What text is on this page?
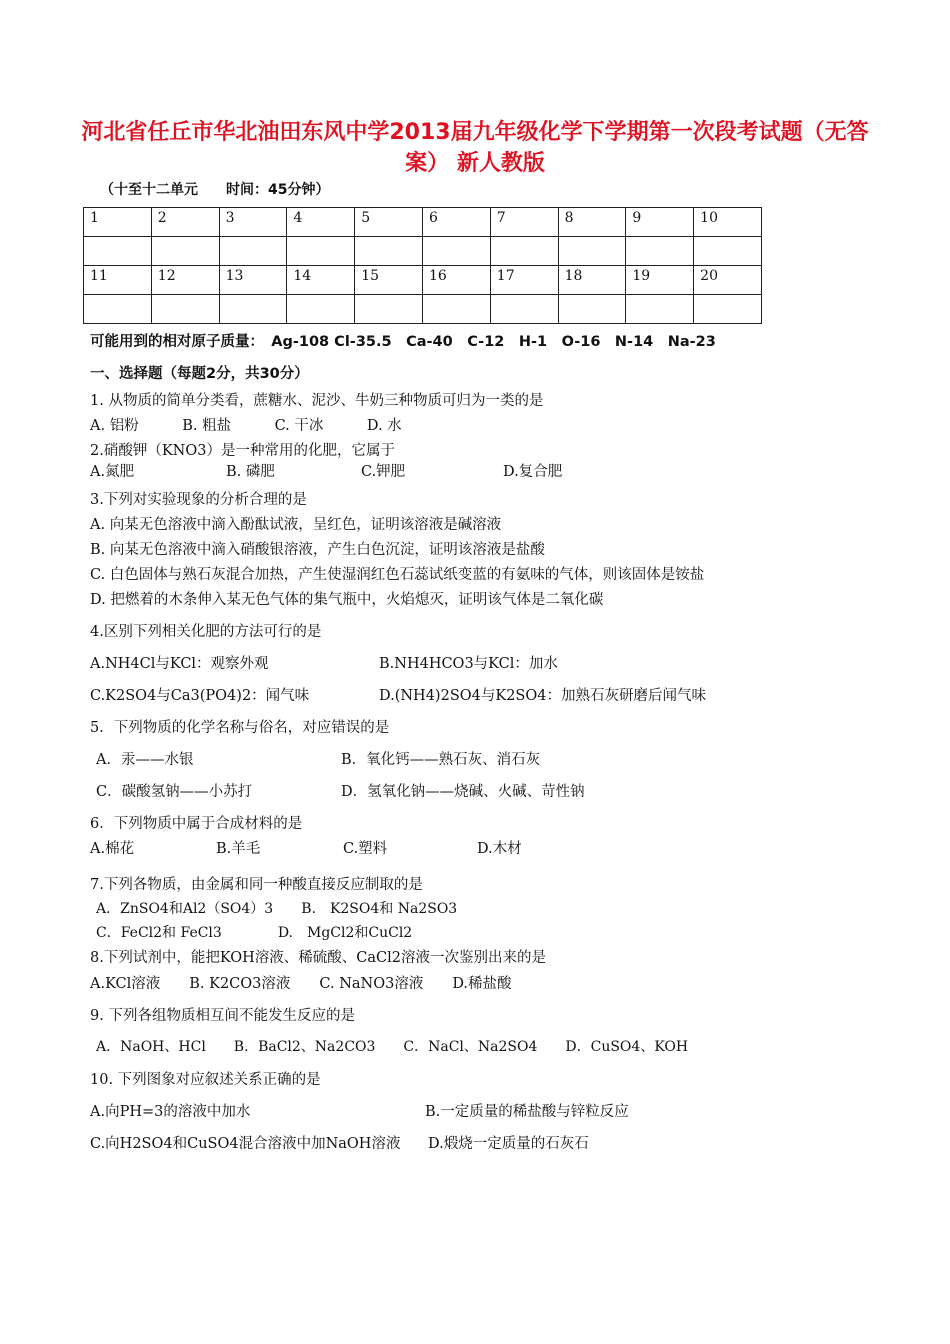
河北省任丘市华北油田东风中学2013届九年级化学下学期第一次段考试题（无答案） 新人教版
（十至十二单元　　时间：45分钟）
1	2	3	4	5	6	7	8	9	10

11	12	13	14	15	16	17	18	19	20

可能用到的相对原子质量：　Ag-108 Cl-35.5　Ca-40　C-12　H-1　O-16　N-14　Na-23
一、选择题（每题2分，共30分）
1. 从物质的简单分类看，蔗糖水、泥沙、牛奶三种物质可归为一类的是
A. 铝粉　　　B. 粗盐　　　C. 干冰　　　D. 水
2.硝酸钾（KNO3）是一种常用的化肥，它属于
A.氮肥	B. 磷肥	C.钾肥	D.复合肥
3.下列对实验现象的分析合理的是
A. 向某无色溶液中滴入酚酞试液，呈红色，证明该溶液是碱溶液
B. 向某无色溶液中滴入硝酸银溶液，产生白色沉淀，证明该溶液是盐酸
C. 白色固体与熟石灰混合加热，产生使湿润红色石蕊试纸变蓝的有氨味的气体，则该固体是铵盐
D. 把燃着的木条伸入某无色气体的集气瓶中，火焰熄灭，证明该气体是二氧化碳
4.区别下列相关化肥的方法可行的是
A.NH4Cl与KCl：观察外观	B.NH4HCO3与KCl：加水
C.K2SO4与Ca3(PO4)2：闻气味	D.(NH4)2SO4与K2SO4：加熟石灰研磨后闻气味
5．下列物质的化学名称与俗名，对应错误的是
A．汞——水银	B．氧化钙——熟石灰、消石灰
C．碳酸氢钠——小苏打	D．氢氧化钠——烧碱、火碱、苛性钠
6．下列物质中属于合成材料的是
A.棉花	B.羊毛	C.塑料	D.木材
7.下列各物质，由金属和同一种酸直接反应制取的是
A．ZnSO4和Al2（SO4）3　　B.　K2SO4和 Na2SO3
C．FeCl2和 FeCl3　　　　D.　MgCl2和CuCl2
8.下列试剂中，能把KOH溶液、稀硫酸、CaCl2溶液一次鉴别出来的是
A.KCl溶液　　B. K2CO3溶液　　C. NaNO3溶液　　D.稀盐酸
9. 下列各组物质相互间不能发生反应的是
A．NaOH、HCl　　B．BaCl2、Na2CO3　　C．NaCl、Na2SO4　　D．CuSO4、KOH
10. 下列图象对应叙述关系正确的是
A.向PH=3的溶液中加水	B.一定质量的稀盐酸与锌粒反应
C.向H2SO4和CuSO4混合溶液中加NaOH溶液 D.煅烧一定质量的石灰石
